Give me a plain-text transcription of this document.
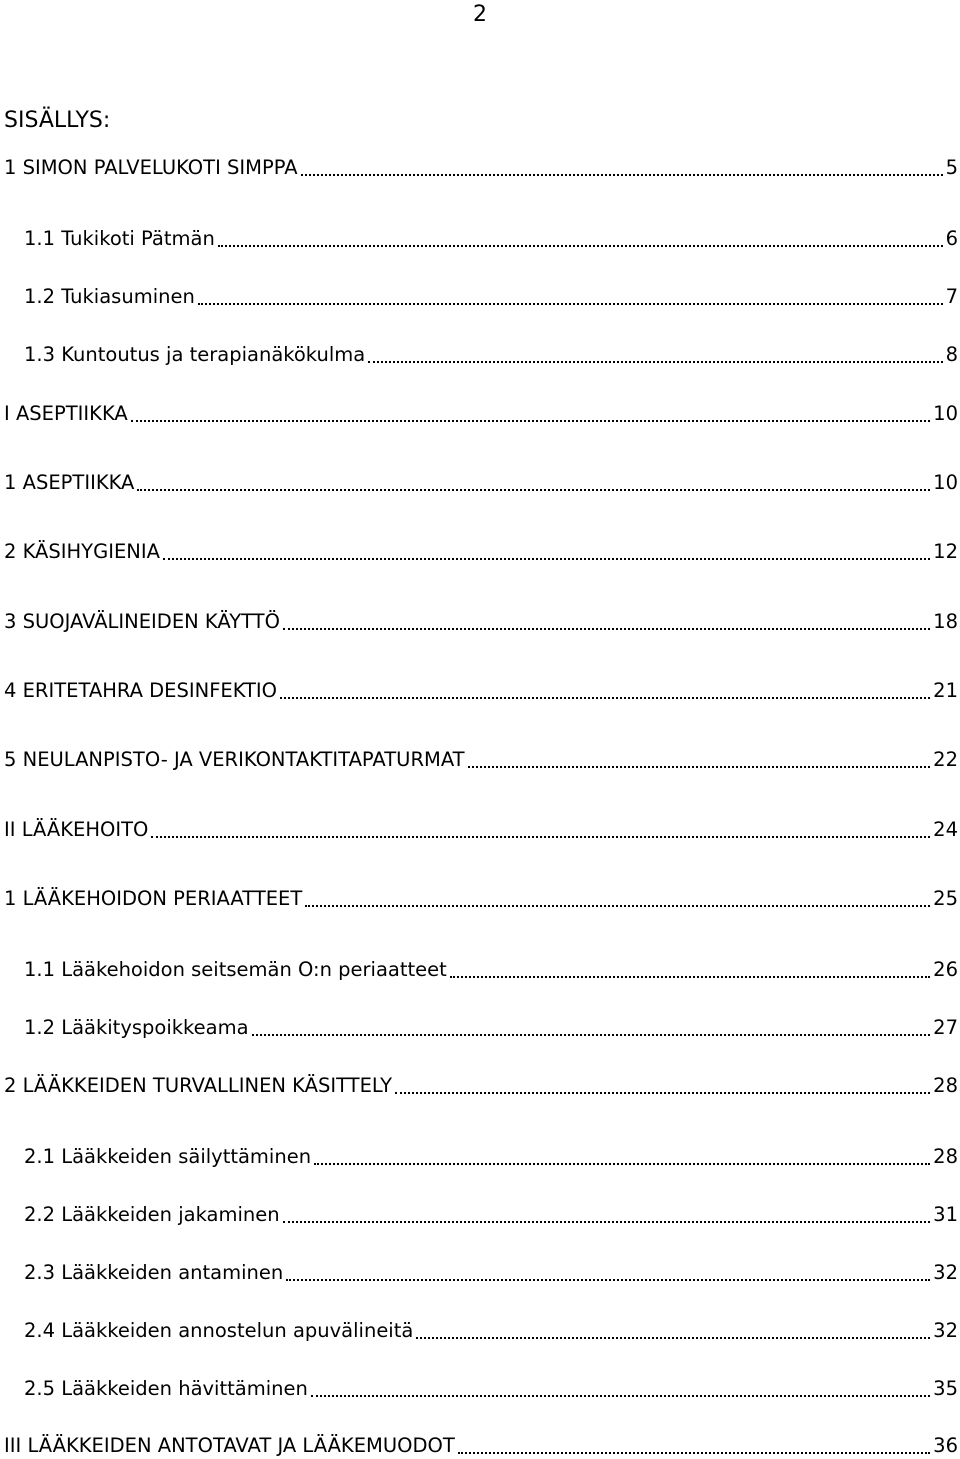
2
SISÄLLYS:
1 SIMON PALVELUKOTI SIMPPA	5
1.1 Tukikoti Pätmän	6
1.2 Tukiasuminen	7
1.3 Kuntoutus ja terapianäkökulma	8
I ASEPTIIKKA	10
1 ASEPTIIKKA	10
2 KÄSIHYGIENIA	12
3 SUOJAVÄLINEIDEN KÄYTTÖ	18
4 ERITETAHRA DESINFEKTIO	21
5 NEULANPISTO- JA VERIKONTAKTITAPATURMAT	22
II LÄÄKEHOITO	24
1 LÄÄKEHOIDON PERIAATTEET	25
1.1 Lääkehoidon seitsemän O:n periaatteet	26
1.2 Lääkityspoikkeama	27
2 LÄÄKKEIDEN TURVALLINEN KÄSITTELY	28
2.1 Lääkkeiden säilyttäminen	28
2.2 Lääkkeiden jakaminen	31
2.3 Lääkkeiden antaminen	32
2.4 Lääkkeiden annostelun apuvälineitä	32
2.5 Lääkkeiden hävittäminen	35
III LÄÄKKEIDEN ANTOTAVAT JA LÄÄKEMUODOT	36
